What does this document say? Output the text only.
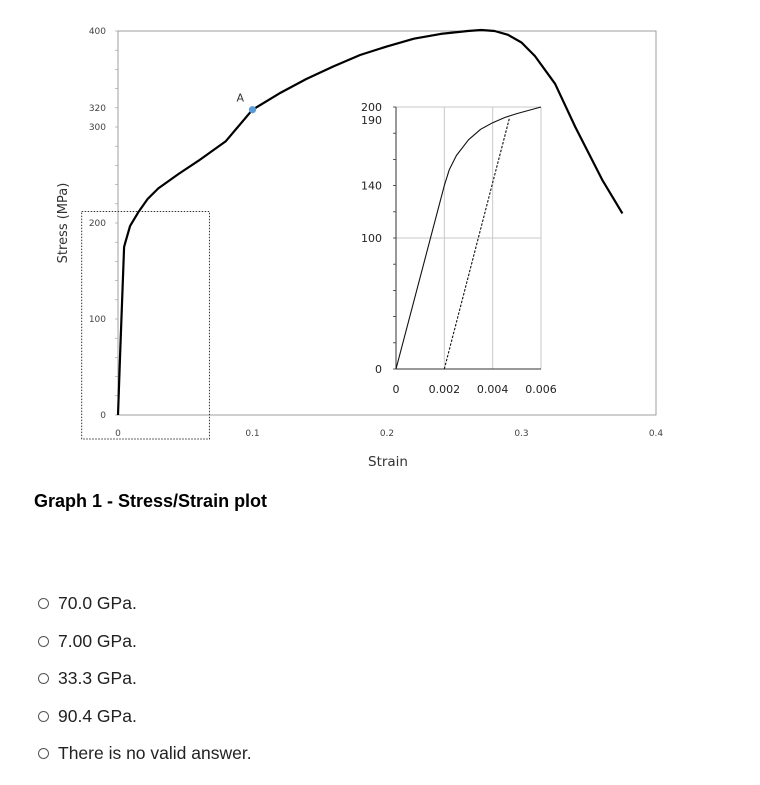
0
100
200
300
320
400
0	0.1	0.2	0.3	0.4
Strain
Stress (MPa)
A
0
100
140
190
200
0	0.002 0.004 0.006
Graph 1 - Stress/Strain plot
70.0 GPa.
7.00 GPa.
33.3 GPa.
90.4 GPa.
There is no valid answer.
